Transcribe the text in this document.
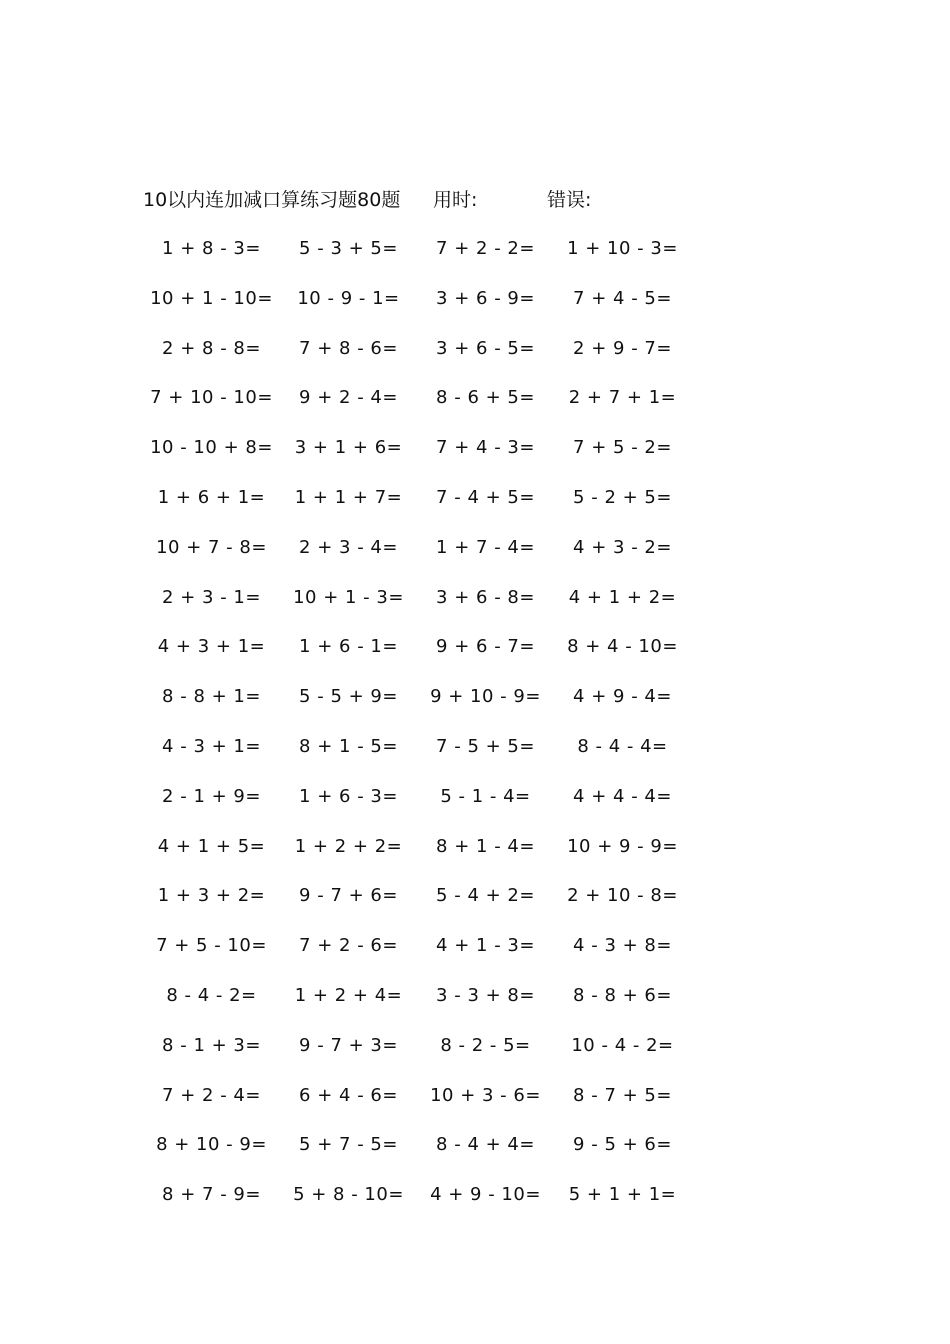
10以内连加减口算练习题80题 用时:	错误:
1 + 8 - 3=	5 - 3 + 5=	7 + 2 - 2=	1 + 10 - 3=
10 + 1 - 10=	10 - 9 - 1=	3 + 6 - 9=	7 + 4 - 5=
2 + 8 - 8=	7 + 8 - 6=	3 + 6 - 5=	2 + 9 - 7=
7 + 10 - 10=	9 + 2 - 4=	8 - 6 + 5=	2 + 7 + 1=
10 - 10 + 8=	3 + 1 + 6=	7 + 4 - 3=	7 + 5 - 2=
1 + 6 + 1=	1 + 1 + 7=	7 - 4 + 5=	5 - 2 + 5=
10 + 7 - 8=	2 + 3 - 4=	1 + 7 - 4=	4 + 3 - 2=
2 + 3 - 1=	10 + 1 - 3=	3 + 6 - 8=	4 + 1 + 2=
4 + 3 + 1=	1 + 6 - 1=	9 + 6 - 7=	8 + 4 - 10=
8 - 8 + 1=	5 - 5 + 9=	9 + 10 - 9=	4 + 9 - 4=
4 - 3 + 1=	8 + 1 - 5=	7 - 5 + 5=	8 - 4 - 4=
2 - 1 + 9=	1 + 6 - 3=	5 - 1 - 4=	4 + 4 - 4=
4 + 1 + 5=	1 + 2 + 2=	8 + 1 - 4=	10 + 9 - 9=
1 + 3 + 2=	9 - 7 + 6=	5 - 4 + 2=	2 + 10 - 8=
7 + 5 - 10=	7 + 2 - 6=	4 + 1 - 3=	4 - 3 + 8=
8 - 4 - 2=	1 + 2 + 4=	3 - 3 + 8=	8 - 8 + 6=
8 - 1 + 3=	9 - 7 + 3=	8 - 2 - 5=	10 - 4 - 2=
7 + 2 - 4=	6 + 4 - 6=	10 + 3 - 6=	8 - 7 + 5=
8 + 10 - 9=	5 + 7 - 5=	8 - 4 + 4=	9 - 5 + 6=
8 + 7 - 9=	5 + 8 - 10=	4 + 9 - 10=	5 + 1 + 1=
